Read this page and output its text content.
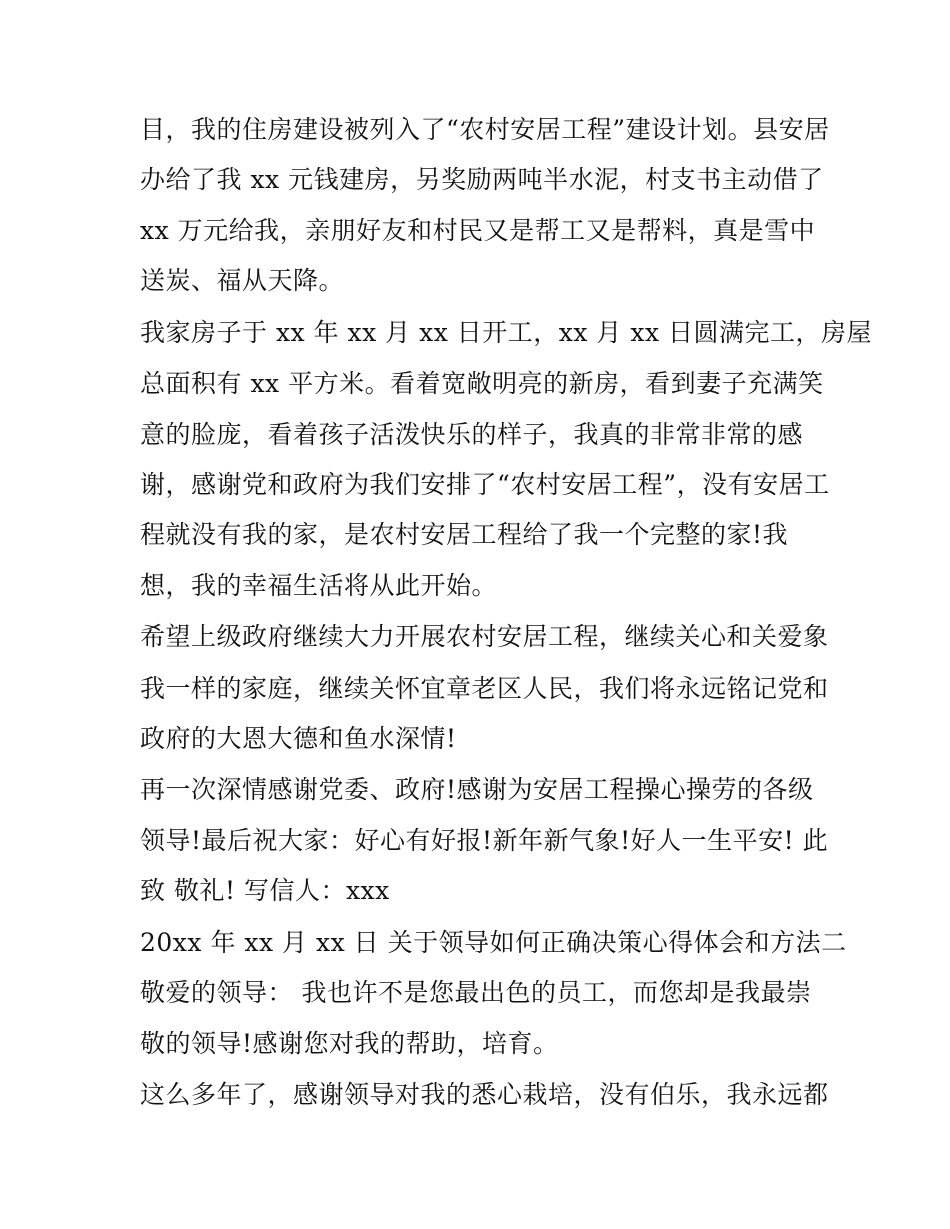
目，我的住房建设被列入了“农村安居工程”建设计划。县安居
办给了我 xx 元钱建房，另奖励两吨半水泥，村支书主动借了
xx 万元给我，亲朋好友和村民又是帮工又是帮料，真是雪中
送炭、福从天降。
我家房子于 xx 年 xx 月 xx 日开工，xx 月 xx 日圆满完工，房屋
总面积有 xx 平方米。看着宽敞明亮的新房，看到妻子充满笑
意的脸庞，看着孩子活泼快乐的样子，我真的非常非常的感
谢，感谢党和政府为我们安排了“农村安居工程”，没有安居工
程就没有我的家，是农村安居工程给了我一个完整的家!我
想，我的幸福生活将从此开始。
希望上级政府继续大力开展农村安居工程，继续关心和关爱象
我一样的家庭，继续关怀宜章老区人民，我们将永远铭记党和
政府的大恩大德和鱼水深情!
再一次深情感谢党委、政府!感谢为安居工程操心操劳的各级
领导!最后祝大家：好心有好报!新年新气象!好人一生平安! 此
致 敬礼! 写信人：xxx
20xx 年 xx 月 xx 日 关于领导如何正确决策心得体会和方法二
敬爱的领导： 我也许不是您最出色的员工，而您却是我最崇
敬的领导!感谢您对我的帮助，培育。
这么多年了，感谢领导对我的悉心栽培，没有伯乐，我永远都
